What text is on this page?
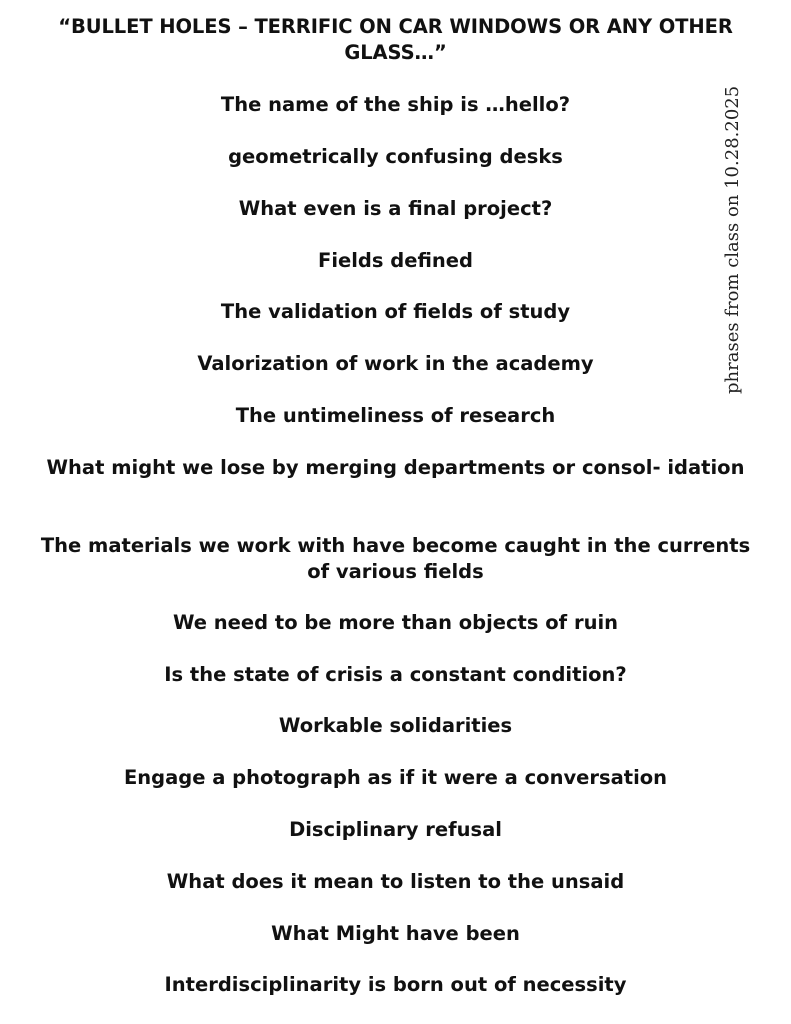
“BULLET HOLES – TERRIFIC ON CAR WINDOWS OR ANY OTHER GLASS…”
phrases from class on 10.28.2025

The name of the ship is …hello?

geometrically confusing desks

What even is a final project?

Fields defined

The validation of fields of study

Valorization of work in the academy

The untimeliness of research

What might we lose by merging departments or consol- idation

The materials we work with have become caught in the currents of various fields

We need to be more than objects of ruin

Is the state of crisis a constant condition?

Workable solidarities

Engage a photograph as if it were a conversation

Disciplinary refusal

What does it mean to listen to the unsaid

What Might have been

Interdisciplinarity is born out of necessity
